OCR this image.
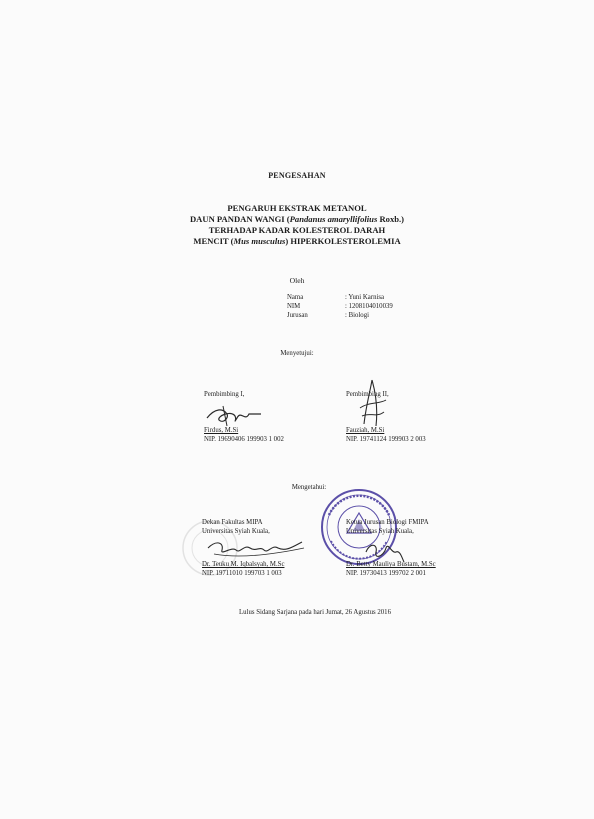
PENGESAHAN
PENGARUH EKSTRAK METANOL
DAUN PANDAN WANGI (Pandanus amaryllifolius Roxb.)
TERHADAP KADAR KOLESTEROL DARAH
MENCIT (Mus musculus) HIPERKOLESTEROLEMIA
Oleh
Nama	: Yuni Karnisa
NIM	: 1208104010039
Jurusan	: Biologi
Menyetujui:
Pembimbing I,
Firdus, M.Si
NIP. 19690406 199903 1 002
Pembimbing II,
Fauziah, M.Si
NIP. 19741124 199903 2 003
Mengetahui:
Dekan Fakultas MIPA
Universitas Syiah Kuala,
Dr. Teuku M. Iqbalsyah, M.Sc
NIP. 19711010 199703 1 003
Ketua Jurusan Biologi FMIPA
Universitas Syiah Kuala,
Dr. Betty Mauliya Bustam, M.Sc
NIP. 19730413 199702 2 001
Lulus Sidang Sarjana pada hari Jumat, 26 Agustus 2016
